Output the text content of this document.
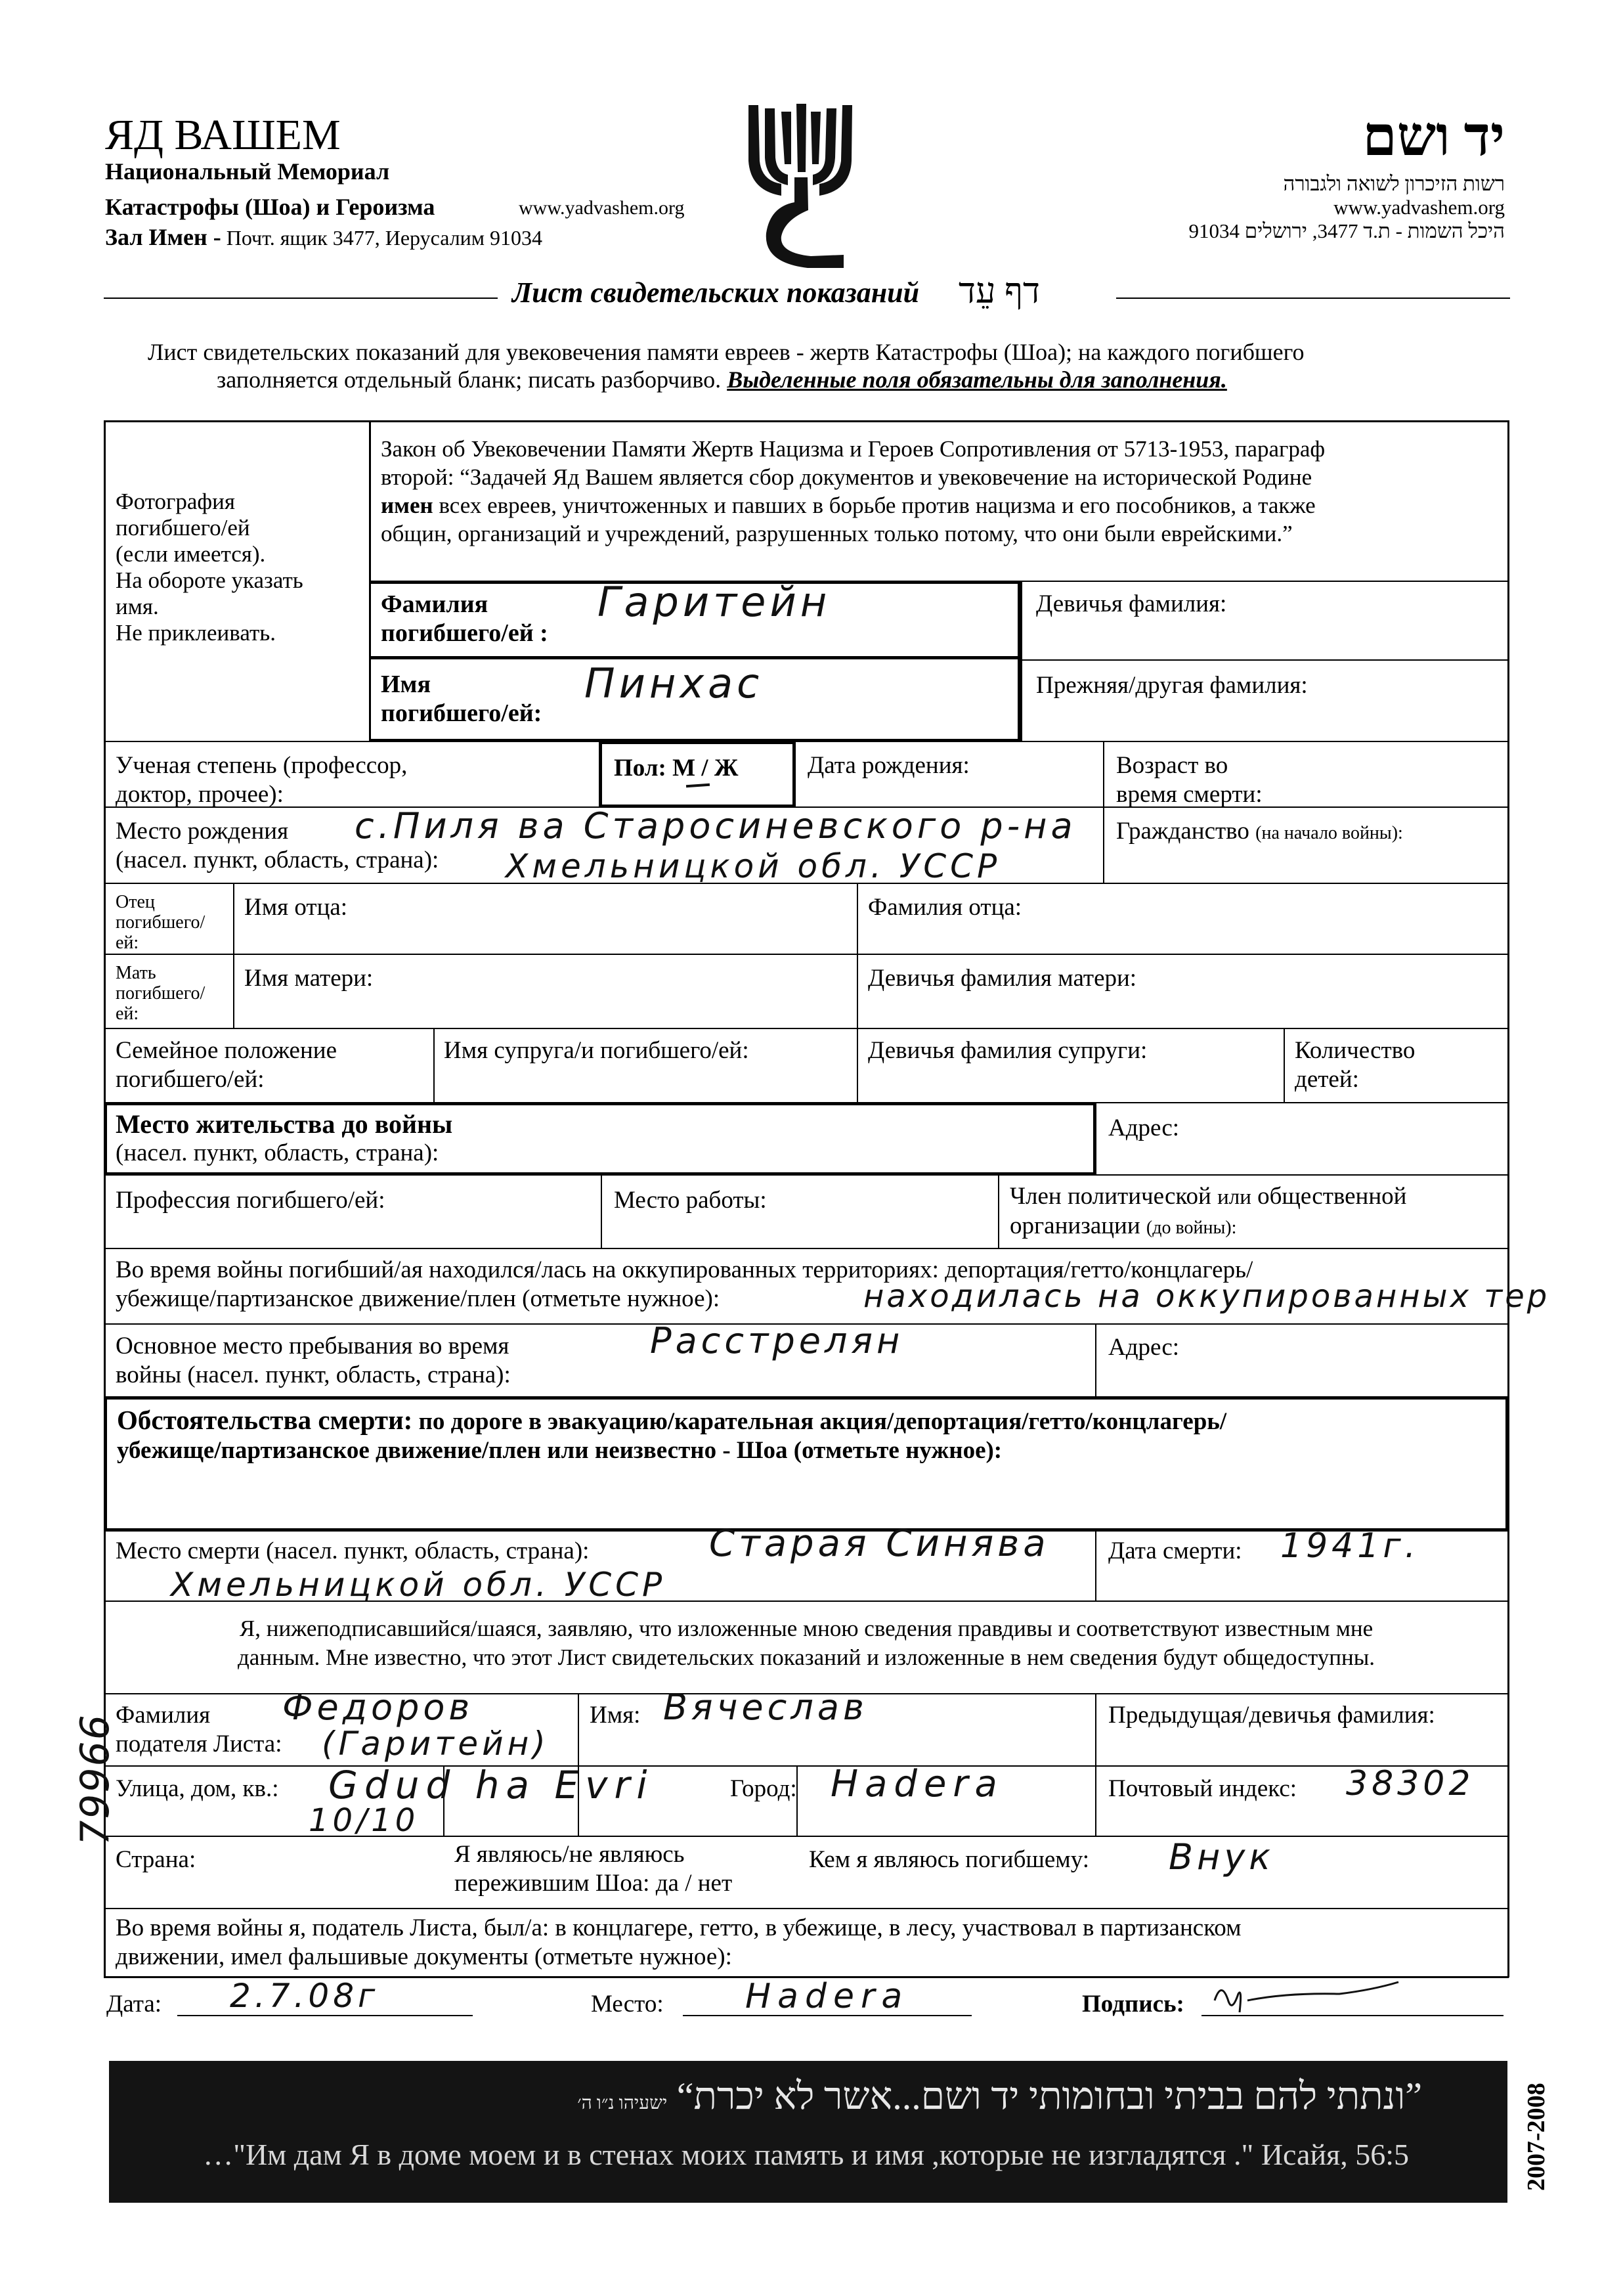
ЯД ВАШЕМ
Национальный Мемориал
Катастрофы (Шоа) и Героизма	www.yadvashem.org
Зал Имен - Почт. ящик 3477, Иерусалим 91034
יד ושם
רשות הזיכרון לשואה ולגבורה
www.yadvashem.org
היכל השמות - ת.ד 3477, ירושלים 91034
Лист свидетельских показаний דף עֵד
Лист свидетельских показаний для увековечения памяти евреев - жертв Катастрофы (Шоа); на каждого погибшего
заполняется отдельный бланк; писать разборчиво. Выделенные поля обязательны для заполнения.
Фотография
погибшего/ей
(если имеется).
На обороте указать
имя.
Не приклеивать.
Закон об Увековечении Памяти Жертв Нацизма и Героев Сопротивления от 5713-1953, параграф
второй: “Задачей Яд Вашем является сбор документов и увековечение на исторической Родине
имен всех евреев, уничтоженных и павших в борьбе против нацизма и его пособников, а также
общин, организаций и учреждений, разрушенных только потому, что они были еврейскими.”
Фамилия
погибшего/ей :
Гаритейн	Девичья фамилия:
Имя
погибшего/ей:
Пинхас	Прежняя/другая фамилия:
Ученая степень (профессор,
доктор, прочее):
Пол: М / Ж	Дата рождения:	Возраст во
время смерти:
Место рождения
(насел. пункт, область, страна):
с.Пиля ва Старосиневского р-на
Хмельницкой обл. УССР
Гражданство (на начало войны):
Отец
погибшего/
ей:
Имя отца:	Фамилия отца:
Мать
погибшего/
ей:
Имя матери:	Девичья фамилия матери:
Семейное положение
погибшего/ей:
Имя супруга/и погибшего/ей:	Девичья фамилия супруги:	Количество
детей:
Место жительства до войны
(насел. пункт, область, страна):
Адрес:
Профессия погибшего/ей:	Место работы:	Член политической или общественной
организации (до войны):
Во время войны погибший/ая находился/лась на оккупированных территориях: депортация/гетто/концлагерь/
убежище/партизанское движение/плен (отметьте нужное):	находилась на оккупированных тер
Основное место пребывания во время
войны (насел. пункт, область, страна):
Расстрелян	Адрес:
Обстоятельства смерти: по дороге в эвакуацию/карательная акция/депортация/гетто/концлагерь/
убежище/партизанское движение/плен или неизвестно - Шоа (отметьте нужное):
Место смерти (насел. пункт, область, страна):	Старая Синява
Хмельницкой обл. УССР
Дата смерти: 1941г.
Я, нижеподписавшийся/шаяся, заявляю, что изложенные мною сведения правдивы и соответствуют известным мне
данным. Мне известно, что этот Лист свидетельских показаний и изложенные в нем сведения будут общедоступны.
Фамилия
подателя Листа:
Федоров
(Гаритейн)
Имя: Вячеслав	Предыдущая/девичья фамилия:
Улица, дом, кв.: Gdud ha Evri
10/10
Город: Hadera	Почтовый индекс: 38302
Страна:	Я являюсь/не являюсь
пережившим Шоа: да / нет
Кем я являюсь погибшему: Внук
Во время войны я, податель Листа, был/а: в концлагере, гетто, в убежище, в лесу, участвовал в партизанском
движении, имел фальшивые документы (отметьте нужное):
79966
Дата: 2.7.08г	Место: Hadera	Подпись:
2007-2008
”ונתתי להם בביתי ובחומותי יד ושם...אשר לא יכרת“ ישעיהו נ״ו ה׳
…"Им дам Я в доме моем и в стенах моих память и имя ,которые не изгладятся ." Исайя, 56:5
